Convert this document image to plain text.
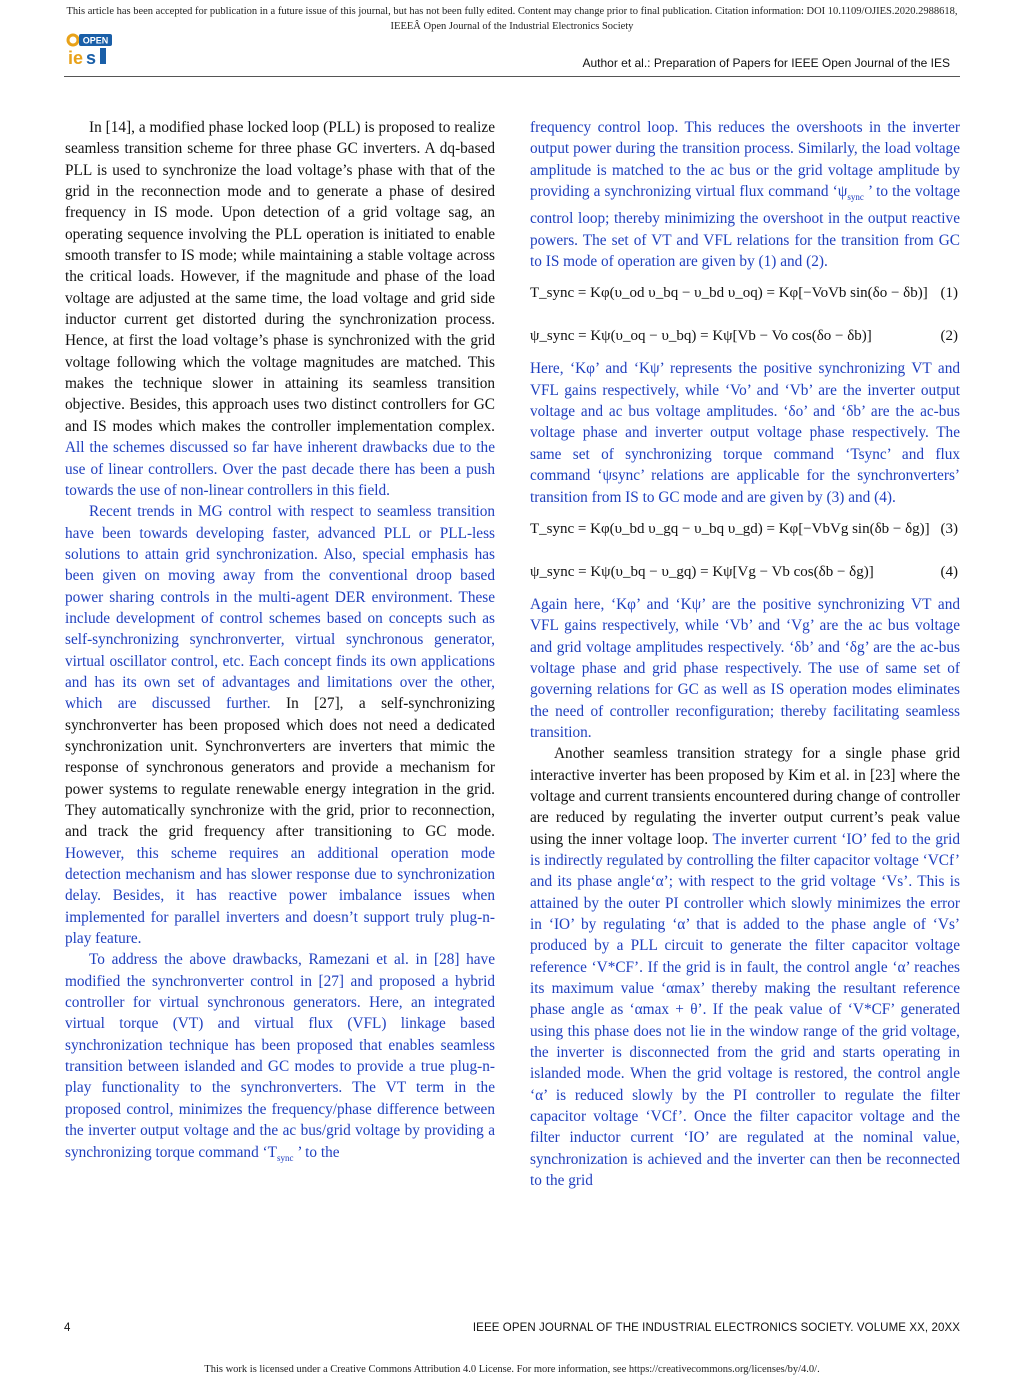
This article has been accepted for publication in a future issue of this journal, but has not been fully edited. Content may change prior to final publication. Citation information: DOI 10.1109/OJIES.2020.2988618,
IEEEÂ Open Journal of the Industrial Electronics Society
OPEN
ie s	Author et al.: Preparation of Papers for IEEE Open Journal of the IES

In [14], a modified phase locked loop (PLL) is proposed to realize seamless transition scheme for three phase GC inverters. A dq-based PLL is used to synchronize the load voltage’s phase with that of the grid in the reconnection mode and to generate a phase of desired frequency in IS mode. Upon detection of a grid voltage sag, an operating sequence involving the PLL operation is initiated to enable smooth transfer to IS mode; while maintaining a stable voltage across the critical loads. However, if the magnitude and phase of the load voltage are adjusted at the same time, the load voltage and grid side inductor current get distorted during the synchronization process. Hence, at first the load voltage’s phase is synchronized with the grid voltage following which the voltage magnitudes are matched. This makes the technique slower in attaining its seamless transition objective. Besides, this approach uses two distinct controllers for GC and IS modes which makes the controller implementation complex. All the schemes discussed so far have inherent drawbacks due to the use of linear controllers. Over the past decade there has been a push towards the use of non-linear controllers in this field.

Recent trends in MG control with respect to seamless transition have been towards developing faster, advanced PLL or PLL-less solutions to attain grid synchronization. Also, special emphasis has been given on moving away from the conventional droop based power sharing controls in the multi-agent DER environment. These include development of control schemes based on concepts such as self-synchronizing synchronverter, virtual synchronous generator, virtual oscillator control, etc. Each concept finds its own applications and has its own set of advantages and limitations over the other, which are discussed further. In [27], a self-synchronizing synchronverter has been proposed which does not need a dedicated synchronization unit. Synchronverters are inverters that mimic the response of synchronous generators and provide a mechanism for power systems to regulate renewable energy integration in the grid. They automatically synchronize with the grid, prior to reconnection, and track the grid frequency after transitioning to GC mode. However, this scheme requires an additional operation mode detection mechanism and has slower response due to synchronization delay. Besides, it has reactive power imbalance issues when implemented for parallel inverters and doesn’t support truly plug-n-play feature.

To address the above drawbacks, Ramezani et al. in [28] have modified the synchronverter control in [27] and proposed a hybrid controller for virtual synchronous generators. Here, an integrated virtual torque (VT) and virtual flux (VFL) linkage based synchronization technique has been proposed that enables seamless transition between islanded and GC modes to provide a true plug-n-play functionality to the synchronverters. The VT term in the proposed control, minimizes the frequency/phase difference between the inverter output voltage and the ac bus/grid voltage by providing a synchronizing torque command ‘$T_{sync}$ ’ to the

frequency control loop. This reduces the overshoots in the inverter output power during the transition process. Similarly, the load voltage amplitude is matched to the ac bus or the grid voltage amplitude by providing a synchronizing virtual flux command ‘$\psi_{sync}$ ’ to the voltage control loop; thereby minimizing the overshoot in the output reactive powers. The set of VT and VFL relations for the transition from GC to IS mode of operation are given by (1) and (2).

T_sync = Kφ(υ_od υ_bq − υ_bd υ_oq) = Kφ[−VoVb sin(δo − δb)] (1)
ψ_sync = Kψ(υ_oq − υ_bq) = Kψ[Vb − Vo cos(δo − δb)]	(2)

Here, ‘Kφ’ and ‘Kψ’ represents the positive synchronizing VT and VFL gains respectively, while ‘Vo’ and ‘Vb’ are the inverter output voltage and ac bus voltage amplitudes. ‘δo’ and ‘δb’ are the ac-bus voltage phase and inverter output voltage phase respectively. The same set of synchronizing torque command ‘Tsync’ and flux command ‘ψsync’ relations are applicable for the synchronverters’ transition from IS to GC mode and are given by (3) and (4).

T_sync = Kφ(υ_bd υ_gq − υ_bq υ_gd) = Kφ[−VbVg sin(δb − δg)] (3)
ψ_sync = Kψ(υ_bq − υ_gq) = Kψ[Vg − Vb cos(δb − δg)]	(4)

Again here, ‘Kφ’ and ‘Kψ’ are the positive synchronizing VT and VFL gains respectively, while ‘Vb’ and ‘Vg’ are the ac bus voltage and grid voltage amplitudes respectively. ‘δb’ and ‘δg’ are the ac-bus voltage phase and grid phase respectively. The use of same set of governing relations for GC as well as IS operation modes eliminates the need of controller reconfiguration; thereby facilitating seamless transition.

Another seamless transition strategy for a single phase grid interactive inverter has been proposed by Kim et al. in [23] where the voltage and current transients encountered during change of controller are reduced by regulating the inverter output current’s peak value using the inner voltage loop. The inverter current ‘IO’ fed to the grid is indirectly regulated by controlling the filter capacitor voltage ‘VCf’ and its phase angle‘α’; with respect to the grid voltage ‘Vs’. This is attained by the outer PI controller which slowly minimizes the error in ‘IO’ by regulating ‘α’ that is added to the phase angle of ‘Vs’ produced by a PLL circuit to generate the filter capacitor voltage reference ‘V*CF’. If the grid is in fault, the control angle ‘α’ reaches its maximum value ‘αmax’ thereby making the resultant reference phase angle as ‘αmax + θ’. If the peak value of ‘V*CF’ generated using this phase does not lie in the window range of the grid voltage, the inverter is disconnected from the grid and starts operating in islanded mode. When the grid voltage is restored, the control angle ‘α’ is reduced slowly by the PI controller to regulate the filter capacitor voltage ‘VCf’. Once the filter capacitor voltage and the filter inductor current ‘IO’ are regulated at the nominal value, synchronization is achieved and the inverter can then be reconnected to the grid

4	IEEE OPEN JOURNAL OF THE INDUSTRIAL ELECTRONICS SOCIETY. VOLUME XX, 20XX
This work is licensed under a Creative Commons Attribution 4.0 License. For more information, see https://creativecommons.org/licenses/by/4.0/.
